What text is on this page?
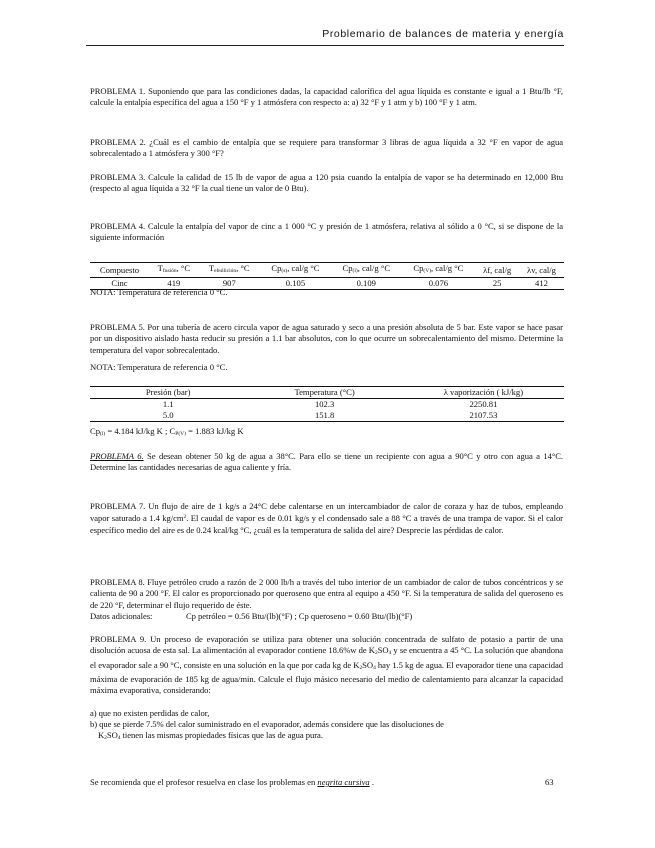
Problemario de balances de materia y energía

PROBLEMA 1. Suponiendo que para las condiciones dadas, la capacidad calorífica del agua líquida es constante e igual a 1 Btu/lb °F, calcule la entalpía específica del agua a 150 °F y 1 atmósfera con respecto a: a) 32 °F y 1 atm y b) 100 °F y 1 atm.

PROBLEMA 2. ¿Cuál es el cambio de entalpía que se requiere para transformar 3 libras de agua líquida a 32 °F en vapor de agua sobrecalentado a 1 atmósfera y 300 °F?

PROBLEMA 3. Calcule la calidad de 15 lb de vapor de agua a 120 psia cuando la entalpía de vapor se ha determinado en 12,000 Btu (respecto al agua líquida a 32 °F la cual tiene un valor de 0 Btu).

PROBLEMA 4. Calcule la entalpía del vapor de cinc a 1 000 °C y presión de 1 atmósfera, relativa al sólido a 0 °C, si se dispone de la siguiente información

Compuesto	Tfusión, °C	Tebullición, °C	Cp(s), cal/g °C	Cp(l), cal/g °C	Cp(V), cal/g °C	λf, cal/g	λv, cal/g
Cinc	419	907	0.105	0.109	0.076	25	412

NOTA: Temperatura de referencia 0 °C.

PROBLEMA 5. Por una tubería de acero circula vapor de agua saturado y seco a una presión absoluta de 5 bar. Este vapor se hace pasar por un dispositivo aislado hasta reducir su presión a 1.1 bar absolutos, con lo que ocurre un sobrecalentamiento del mismo. Determine la temperatura del vapor sobrecalentado.

NOTA: Temperatura de referencia 0 °C.

Presión (bar)	Temperatura (°C)	λ vaporización ( kJ/kg)
1.1	102.3	2250.81
5.0	151.8	2107.53

Cp(l) = 4.184 kJ/kg K ; CP(V) = 1.883 kJ/kg K

PROBLEMA 6. Se desean obtener 50 kg de agua a 38°C. Para ello se tiene un recipiente con agua a 90°C y otro con agua a 14°C. Determine las cantidades necesarias de agua caliente y fría.

PROBLEMA 7. Un flujo de aire de 1 kg/s a 24°C debe calentarse en un intercambiador de calor de coraza y haz de tubos, empleando vapor saturado a 1.4 $kg/cm^2$. El caudal de vapor es de 0.01 kg/s y el condensado sale a 88 °C a través de una trampa de vapor. Si el calor específico medio del aire es de 0.24 kcal/kg °C, ¿cuál es la temperatura de salida del aire? Desprecie las pérdidas de calor.

PROBLEMA 8. Fluye petróleo crudo a razón de 2 000 lb/h a través del tubo interior de un cambiador de calor de tubos concéntricos y se calienta de 90 a 200 °F. El calor es proporcionado por queroseno que entra al equipo a 450 °F. Si la temperatura de salida del queroseno es de 220 °F, determinar el flujo requerido de éste.

Datos adicionales:	Cp petróleo = 0.56 Btu/(lb)(°F) ; Cp queroseno = 0.60 Btu/(lb)(°F)

PROBLEMA 9. Un proceso de evaporación se utiliza para obtener una solución concentrada de sulfato de potasio a partir de una disolución acuosa de esta sal. La alimentación al evaporador contiene 18.6%w de K2SO4 y se encuentra a 45 °C. La solución que abandona el evaporador sale a 90 °C, consiste en una solución en la que por cada kg de K2SO4 hay 1.5 kg de agua. El evaporador tiene una capacidad máxima de evaporación de 185 kg de agua/min. Calcule el flujo másico necesario del medio de calentamiento para alcanzar la capacidad máxima evaporativa, considerando:

a) que no existen perdidas de calor,

b) que se pierde 7.5% del calor suministrado en el evaporador, además considere que las disoluciones de

K2SO4 tienen las mismas propiedades físicas que las de agua pura.

Se recomienda que el profesor resuelva en clase los problemas en negrita cursiva .	63
